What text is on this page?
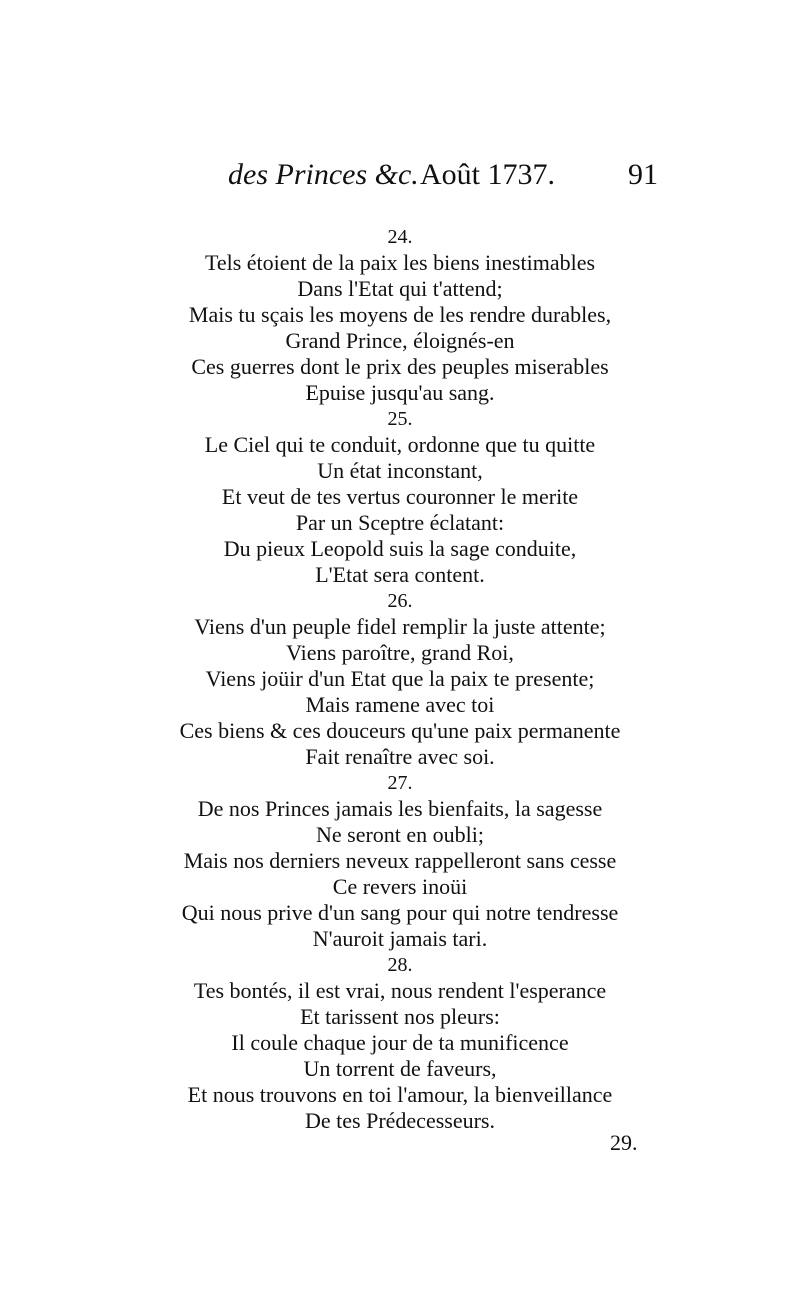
des Princes &c. Août 1737. 91
24.
Tels étoient de la paix les biens inestimables
Dans l'Etat qui t'attend;
Mais tu sçais les moyens de les rendre durables,
Grand Prince, éloignés-en
Ces guerres dont le prix des peuples miserables
Epuise jusqu'au sang.
25.
Le Ciel qui te conduit, ordonne que tu quitte
Un état inconstant,
Et veut de tes vertus couronner le merite
Par un Sceptre éclatant:
Du pieux Leopold suis la sage conduite,
L'Etat sera content.
26.
Viens d'un peuple fidel remplir la juste attente;
Viens paroître, grand Roi,
Viens joüir d'un Etat que la paix te presente;
Mais ramene avec toi
Ces biens & ces douceurs qu'une paix permanente
Fait renaître avec soi.
27.
De nos Princes jamais les bienfaits, la sagesse
Ne seront en oubli;
Mais nos derniers neveux rappelleront sans cesse
Ce revers inoüi
Qui nous prive d'un sang pour qui notre tendresse
N'auroit jamais tari.
28.
Tes bontés, il est vrai, nous rendent l'esperance
Et tarissent nos pleurs:
Il coule chaque jour de ta munificence
Un torrent de faveurs,
Et nous trouvons en toi l'amour, la bienveillance
De tes Prédecesseurs.
29.
